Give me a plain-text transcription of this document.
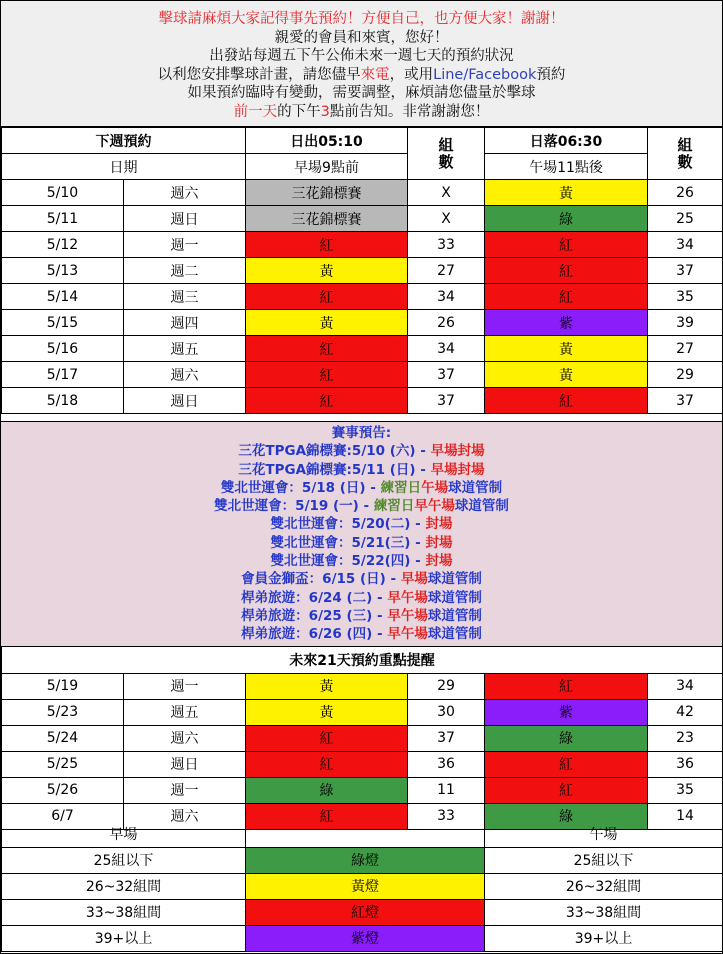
擊球請麻煩大家記得事先預約！方便自己，也方便大家！謝謝！
親愛的會員和來賓，您好！
出發站每週五下午公佈未來一週七天的預約狀況
以利您安排擊球計畫，請您儘早來電，或用Line/Facebook預約
如果預約臨時有變動，需要調整，麻煩請您儘量於擊球
前一天的下午3點前告知。非常謝謝您！
下週預約		日出05:10	組數	日落06:30	組數

日期		早場9點前		午場11點後	
5/10	週六	三花錦標賽	X	黃	26
5/11	週日	三花錦標賽	X	綠	25
5/12	週一	紅	33	紅	34
5/13	週二	黃	27	紅	37
5/14	週三	紅	34	紅	35
5/15	週四	黃	26	紫	39
5/16	週五	紅	34	黃	27
5/17	週六	紅	37	黃	29
5/18	週日	紅	37	紅	37
賽事預告:
三花TPGA錦標賽:5/10 (六) - 早場封場
三花TPGA錦標賽:5/11 (日) - 早場封場
雙北世運會：5/18 (日) - 練習日午場球道管制
雙北世運會：5/19 (一) - 練習日早午場球道管制
雙北世運會：5/20(二) - 封場
雙北世運會：5/21(三) - 封場
雙北世運會：5/22(四) - 封場
會員金獅盃：6/15 (日) - 早場球道管制
桿弟旅遊：6/24 (二) - 早午場球道管制
桿弟旅遊：6/25 (三) - 早午場球道管制
桿弟旅遊：6/26 (四) - 早午場球道管制
未來21天預約重點提醒					
5/19	週一	黃	29	紅	34
5/23	週五	黃	30	紫	42
5/24	週六	紅	37	綠	23
5/25	週日	紅	36	紅	36
5/26	週一	綠	11	紅	35
6/7	週六	紅	33	綠	14
早場		午場
25組以下	綠燈	25組以下
26~32組間	黃燈	26~32組間
33~38組間	紅燈	33~38組間
39+以上	紫燈	39+以上
